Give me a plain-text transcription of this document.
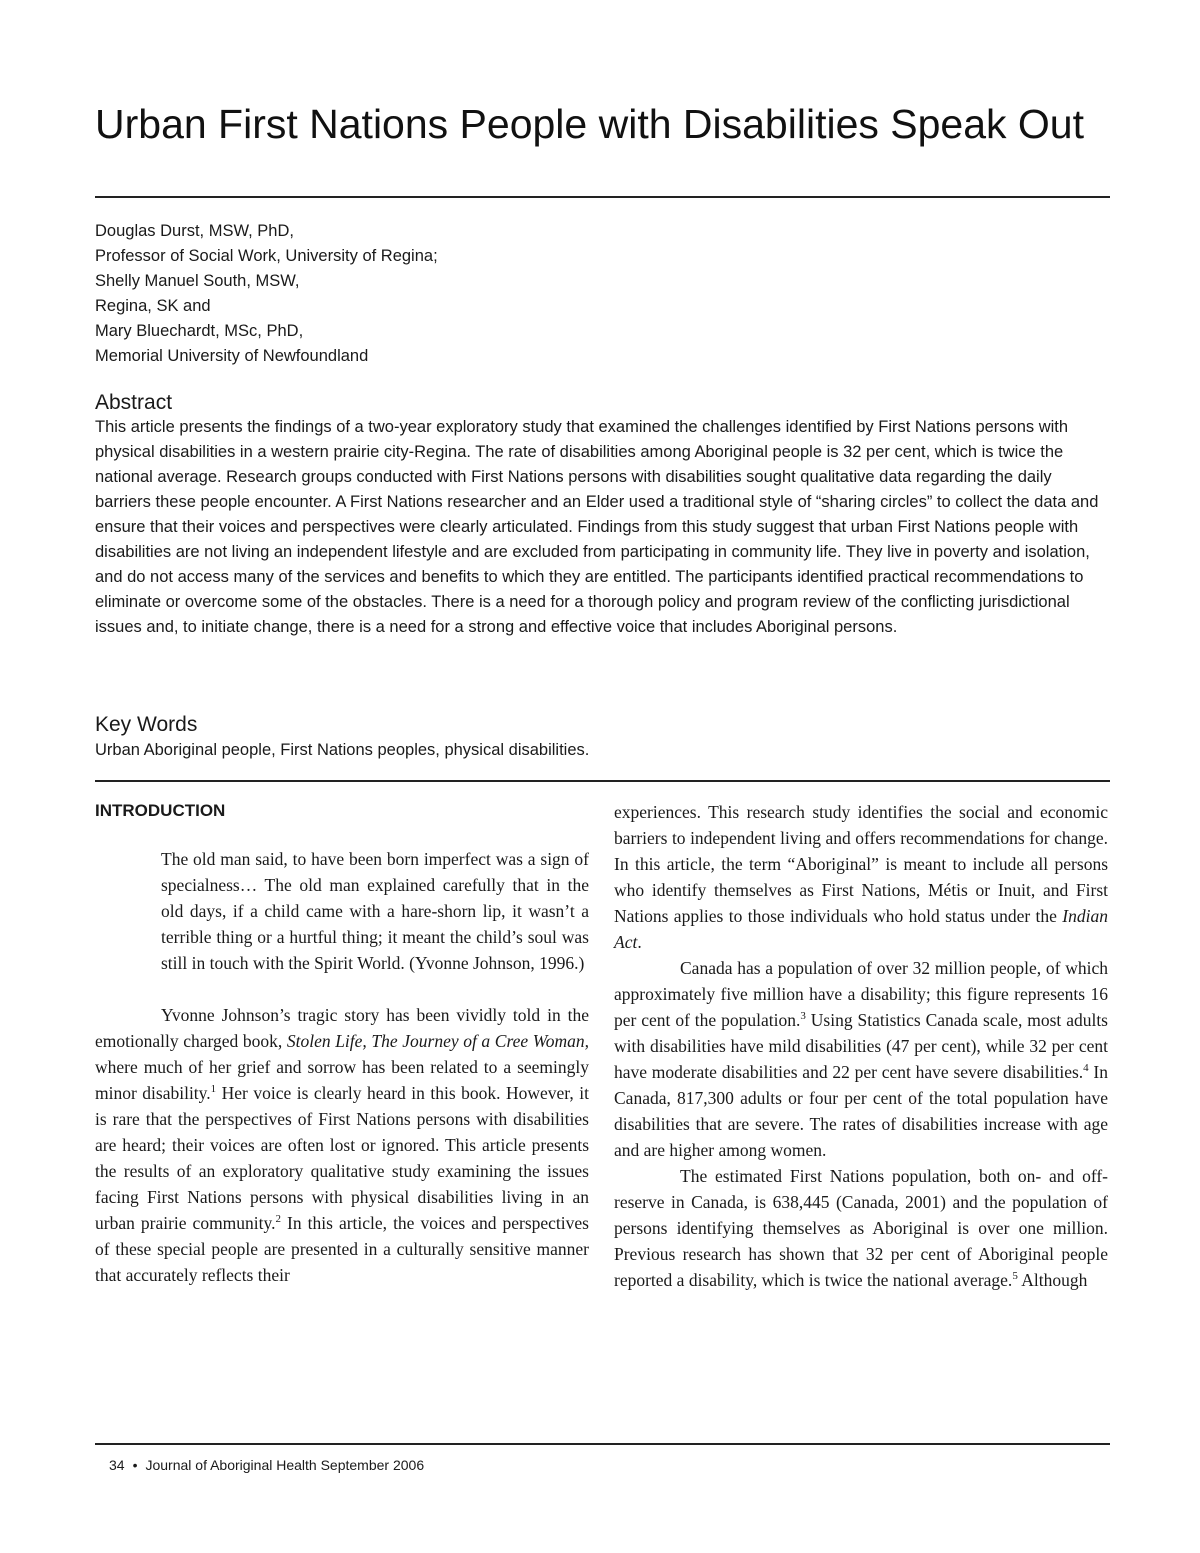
Urban First Nations People with Disabilities Speak Out
Douglas Durst, MSW, PhD,
Professor of Social Work, University of Regina;
Shelly Manuel South, MSW,
Regina, SK and
Mary Bluechardt, MSc, PhD,
Memorial University of Newfoundland
Abstract

This article presents the findings of a two-year exploratory study that examined the challenges identified by First Nations persons with physical disabilities in a western prairie city-Regina. The rate of disabilities among Aboriginal people is 32 per cent, which is twice the national average. Research groups conducted with First Nations persons with disabilities sought qualitative data regarding the daily barriers these people encounter. A First Nations researcher and an Elder used a traditional style of “sharing circles” to collect the data and ensure that their voices and perspectives were clearly articulated. Findings from this study suggest that urban First Nations people with disabilities are not living an independent lifestyle and are excluded from participating in community life. They live in poverty and isolation, and do not access many of the services and benefits to which they are entitled. The participants identified practical recommendations to eliminate or overcome some of the obstacles. There is a need for a thorough policy and program review of the conflicting jurisdictional issues and, to initiate change, there is a need for a strong and effective voice that includes Aboriginal persons.

Key Words

Urban Aboriginal people, First Nations peoples, physical disabilities.

INTRODUCTION

The old man said, to have been born imperfect was a sign of specialness… The old man explained carefully that in the old days, if a child came with a hare-shorn lip, it wasn’t a terrible thing or a hurtful thing; it meant the child’s soul was still in touch with the Spirit World. (Yvonne Johnson, 1996.)

Yvonne Johnson’s tragic story has been vividly told in the emotionally charged book, Stolen Life, The Journey of a Cree Woman, where much of her grief and sorrow has been related to a seemingly minor disability.$^1$ Her voice is clearly heard in this book. However, it is rare that the perspectives of First Nations persons with disabilities are heard; their voices are often lost or ignored. This article presents the results of an exploratory qualitative study examining the issues facing First Nations persons with physical disabilities living in an urban prairie community.$^2$ In this article, the voices and perspectives of these special people are presented in a culturally sensitive manner that accurately reflects their

experiences. This research study identifies the social and economic barriers to independent living and offers recommendations for change. In this article, the term “Aboriginal” is meant to include all persons who identify themselves as First Nations, Métis or Inuit, and First Nations applies to those individuals who hold status under the Indian Act.

Canada has a population of over 32 million people, of which approximately five million have a disability; this figure represents 16 per cent of the population.$^3$ Using Statistics Canada scale, most adults with disabilities have mild disabilities (47 per cent), while 32 per cent have moderate disabilities and 22 per cent have severe disabilities.$^4$ In Canada, 817,300 adults or four per cent of the total population have disabilities that are severe. The rates of disabilities increase with age and are higher among women.

The estimated First Nations population, both on- and off-reserve in Canada, is 638,445 (Canada, 2001) and the population of persons identifying themselves as Aboriginal is over one million. Previous research has shown that 32 per cent of Aboriginal people reported a disability, which is twice the national average.$^5$ Although

34 • Journal of Aboriginal Health September 2006
